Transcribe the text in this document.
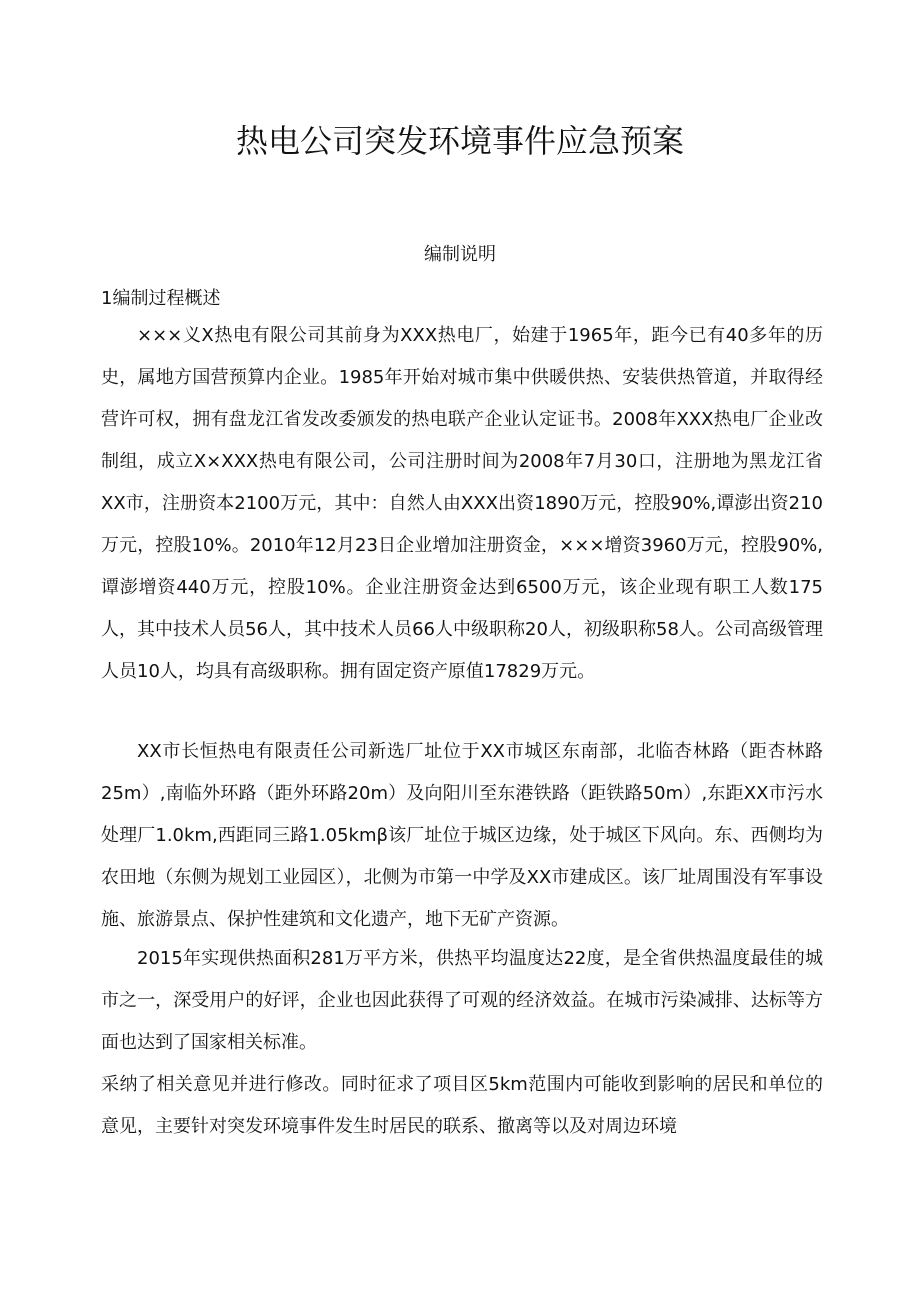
热电公司突发环境事件应急预案
编制说明
1编制过程概述

×××义X热电有限公司其前身为XXX热电厂，始建于1965年，距今已有40多年的历史，属地方国营预算内企业。1985年开始对城市集中供暖供热、安装供热管道，并取得经营许可权，拥有盘龙江省发改委颁发的热电联产企业认定证书。2008年XXX热电厂企业改制组，成立X×XXX热电有限公司，公司注册时间为2008年7月30口，注册地为黑龙江省XX市，注册资本2100万元，其中：自然人由XXX出资1890万元，控股90%,谭澎出资210万元，控股10%。2010年12月23日企业增加注册资金，×××增资3960万元，控股90%,谭澎增资440万元，控股10%。企业注册资金达到6500万元，该企业现有职工人数175人，其中技术人员56人，其中技术人员66人中级职称20人，初级职称58人。公司高级管理人员10人，均具有高级职称。拥有固定资产原值17829万元。

XX市长恒热电有限责任公司新选厂址位于XX市城区东南部，北临杏林路（距杏林路25m）,南临外环路（距外环路20m）及向阳川至东港铁路（距铁路50m）,东距XX市污水处理厂1.0km,西距同三路1.05kmβ该厂址位于城区边缘，处于城区下风向。东、西侧均为农田地（东侧为规划工业园区），北侧为市第一中学及XX市建成区。该厂址周围没有军事设施、旅游景点、保护性建筑和文化遗产，地下无矿产资源。

2015年实现供热面积281万平方米，供热平均温度达22度，是全省供热温度最佳的城市之一，深受用户的好评，企业也因此获得了可观的经济效益。在城市污染减排、达标等方面也达到了国家相关标准。

采纳了相关意见并进行修改。同时征求了项目区5km范围内可能收到影响的居民和单位的意见，主要针对突发环境事件发生时居民的联系、撤离等以及对周边环境
